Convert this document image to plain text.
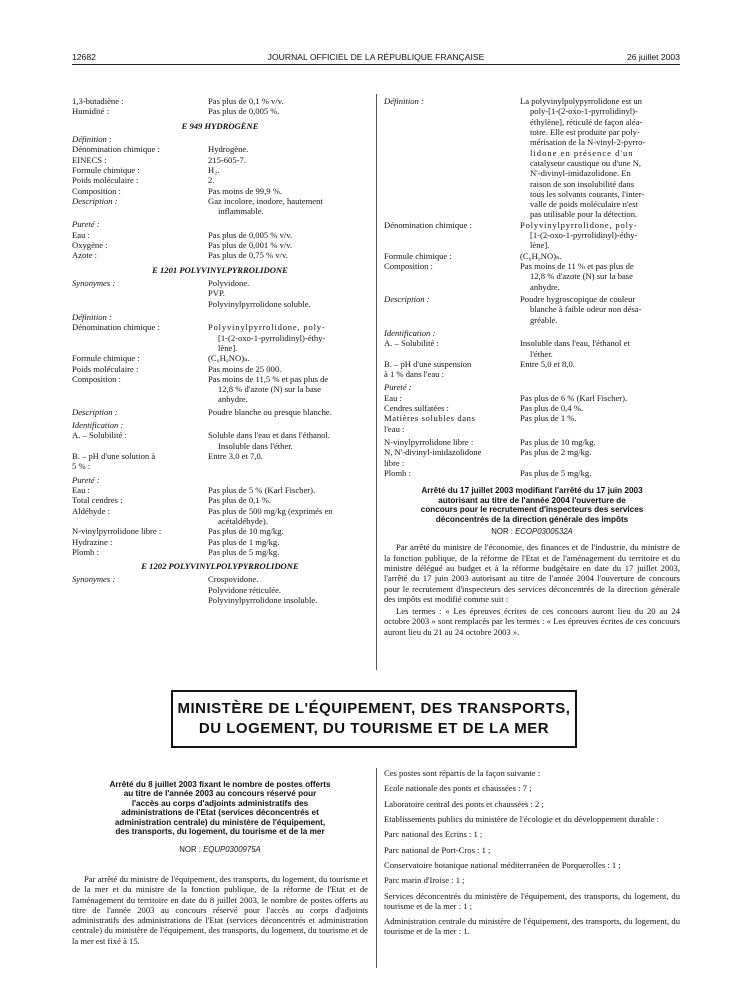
12682	JOURNAL OFFICIEL DE LA RÉPUBLIQUE FRANÇAISE	26 juillet 2003
1,3-butadiène :	Pas plus de 0,1 % v/v.
Humidité :	Pas plus de 0,005 %.
E 949 HYDROGÈNE
Définition :
Dénomination chimique :	Hydrogène.
EINECS :	215-605-7.
Formule chimique :	H₂.
Poids moléculaire :	2.
Composition :	Pas moins de 99,9 %.
Description :	Gaz incolore, inodore, hautement
inflammable.
Pureté :
Eau :	Pas plus de 0,005 % v/v.
Oxygène :	Pas plus de 0,001 % v/v.
Azote :	Pas plus de 0,75 % v/v.
E 1201 POLYVINYLPYRROLIDONE
Synonymes :	Polyvidone.
PVP.
Polyvinylpyrrolidone soluble.
Définition :
Dénomination chimique :	Polyvinylpyrrolidone, poly-
[1-(2-oxo-1-pyrrolidinyl)-éthy-
lène].
Formule chimique :	(C₆H₉NO)ₙ.
Poids moléculaire :	Pas moins de 25 000.
Composition :	Pas moins de 11,5 % et pas plus de
12,8 % d'azote (N) sur la base
anhydre.
Description :	Poudre blanche ou presque blanche.
Identification :
A. – Solubilité :	Soluble dans l'eau et dans l'éthanol.
Insoluble dans l'éther.
B. – pH d'une solution à
5 % :
Entre 3,0 et 7,0.
Pureté :
Eau :	Pas plus de 5 % (Karl Fischer).
Total cendres :	Pas plus de 0,1 %.
Aldéhyde :	Pas plus de 500 mg/kg (exprimés en
acétaldéhyde).
N-vinylpyrrolidone libre :	Pas plus de 10 mg/kg.
Hydrazine :	Pas plus de 1 mg/kg.
Plomb :	Pas plus de 5 mg/kg.
E 1202 POLYVINYLPOLYPYRROLIDONE
Synonymes :	Crospovidone.
Polyvidone réticulée.
Polyvinylpyrrolidone insoluble.
Définition :	La polyvinylpolypyrrolidone est un
poly-[1-(2-oxo-1-pyrrolidinyl)-
éthylène], réticulé de façon aléa-
toire. Elle est produite par poly-
mérisation de la N-vinyl-2-pyrro-
lidone en présence d'un
catalyseur caustique ou d'une N,
N'-divinyl-imidazolidone. En
raison de son insolubilité dans
tous les solvants courants, l'inter-
valle de poids moléculaire n'est
pas utilisable pour la détection.
Dénomination chimique :	Polyvinylpyrrolidone, poly-
[1-(2-oxo-1-pyrrolidinyl)-éthy-
lène].
Formule chimique :	(C₆H₉NO)ₙ.
Composition :	Pas moins de 11 % et pas plus de
12,8 % d'azote (N) sur la base
anhydre.
Description :	Poudre hygroscopique de couleur
blanche à faible odeur non désa-
gréable.
Identification :
A. – Solubilité :	Insoluble dans l'eau, l'éthanol et
l'éther.
B. – pH d'une suspension
à 1 % dans l'eau :
Entre 5,0 et 8,0.
Pureté :
Eau :	Pas plus de 6 % (Karl Fischer).
Cendres sulfatées :	Pas plus de 0,4 %.
Matières solubles dans
l'eau :
Pas plus de 1 %.
N-vinylpyrrolidone libre :	Pas plus de 10 mg/kg.
N, N'-divinyl-imidazolidone
libre :
Pas plus de 2 mg/kg.
Plomb :	Pas plus de 5 mg/kg.
Arrêté du 17 juillet 2003 modifiant l'arrêté du 17 juin 2003
autorisant au titre de l'année 2004 l'ouverture de
concours pour le recrutement d'inspecteurs des services
déconcentrés de la direction générale des impôts
NOR : ECOP0300532A

Par arrêté du ministre de l'économie, des finances et de l'industrie, du ministre de la fonction publique, de la réforme de l'Etat et de l'aménagement du territoire et du ministre délégué au budget et à la réforme budgétaire en date du 17 juillet 2003, l'arrêté du 17 juin 2003 autorisant au titre de l'année 2004 l'ouverture de concours pour le recrutement d'inspecteurs des services déconcentrés de la direction générale des impôts est modifié comme suit :

Les termes : « Les épreuves écrites de ces concours auront lieu du 20 au 24 octobre 2003 » sont remplacés par les termes : « Les épreuves écrites de ces concours auront lieu du 21 au 24 octobre 2003 ».

MINISTÈRE DE L'ÉQUIPEMENT, DES TRANSPORTS,
DU LOGEMENT, DU TOURISME ET DE LA MER
Arrêté du 8 juillet 2003 fixant le nombre de postes offerts
au titre de l'année 2003 au concours réservé pour
l'accès au corps d'adjoints administratifs des
administrations de l'Etat (services déconcentrés et
administration centrale) du ministère de l'équipement,
des transports, du logement, du tourisme et de la mer
NOR : EQUP0300975A

Par arrêté du ministre de l'équipement, des transports, du logement, du tourisme et de la mer et du ministre de la fonction publique, de la réforme de l'Etat et de l'aménagement du territoire en date du 8 juillet 2003, le nombre de postes offerts au titre de l'année 2003 au concours réservé pour l'accès au corps d'adjoints administratifs des administrations de l'Etat (services déconcentrés et administration centrale) du ministère de l'équipement, des transports, du logement, du tourisme et de la mer est fixé à 15.

Ces postes sont répartis de la façon suivante :

Ecole nationale des ponts et chaussées : 7 ;

Laboratoire central des ponts et chaussées : 2 ;

Etablissements publics du ministère de l'écologie et du développement durable :

Parc national des Ecrins : 1 ;

Parc national de Port-Cros : 1 ;

Conservatoire botanique national méditerranéen de Porquerolles : 1 ;

Parc marin d'Iroise : 1 ;

Services déconcentrés du ministère de l'équipement, des transports, du logement, du tourisme et de la mer : 1 ;

Administration centrale du ministère de l'équipement, des transports, du logement, du tourisme et de la mer : 1.
